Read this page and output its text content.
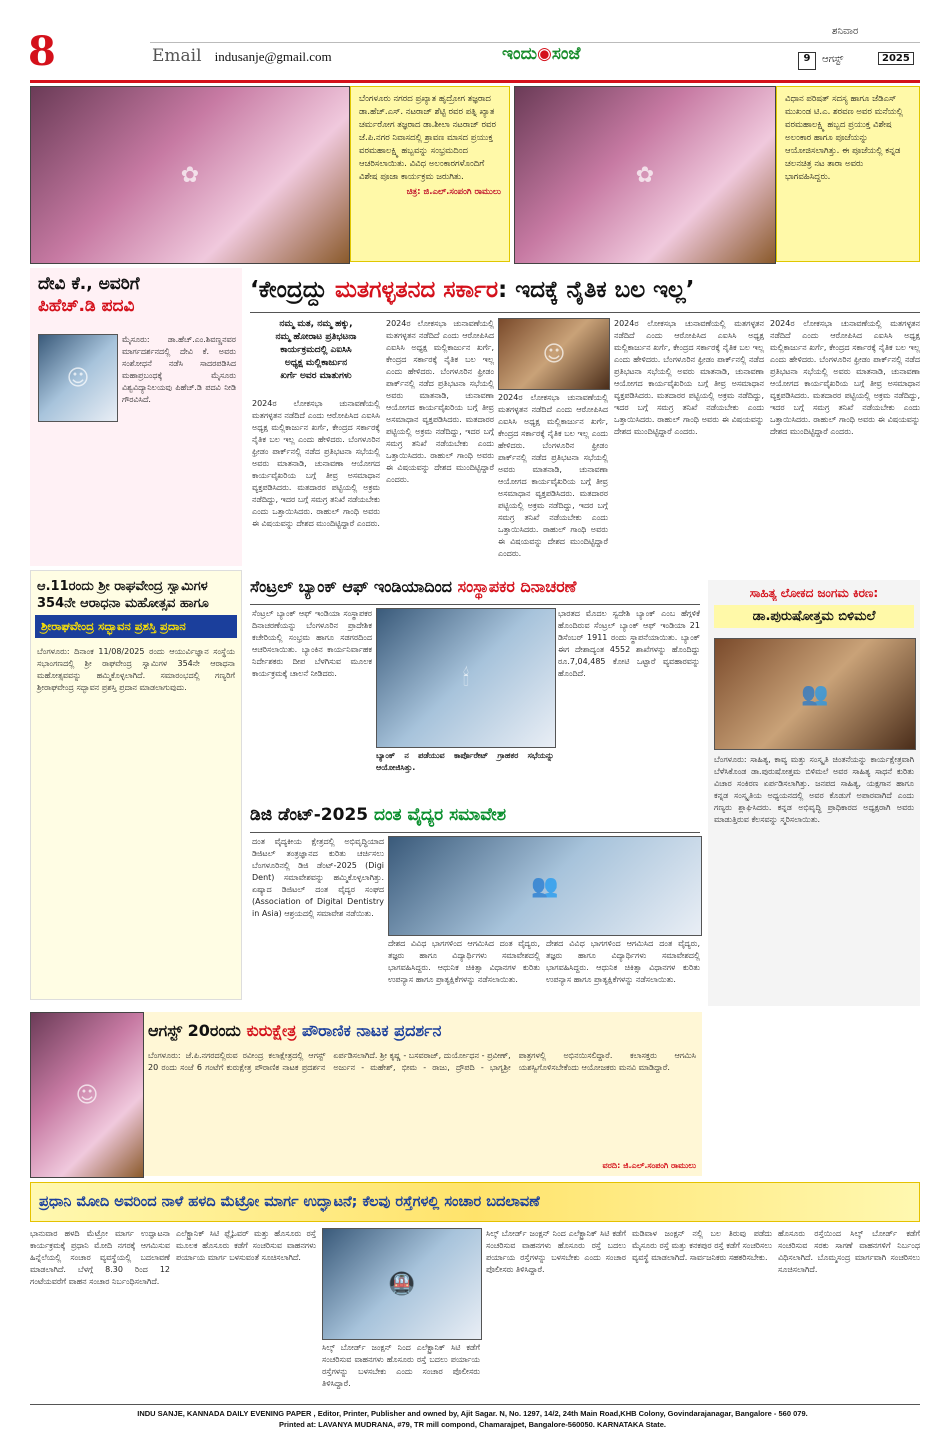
8	Email indusanje@gmail.com	ಇಂದು◉ಸಂಜೆ
ಶನಿವಾರ
9	ಆಗಸ್ಟ್	2025
✿
ಬೆಂಗಳೂರು ನಗರದ ಪ್ರಖ್ಯಾತ ಹೃದ್ರೋಗ ತಜ್ಞರಾದ ಡಾ.ಹೆಚ್.ಎಸ್. ನಟರಾಜ್ ಶೆಟ್ಟಿ ರವರ ಪತ್ನಿ ಖ್ಯಾತ ಚರ್ಮರೋಗ ತಜ್ಞರಾದ ಡಾ.ಶೀಲಾ ನಟರಾಜ್ ರವರ ಜೆ.ಪಿ.ನಗರ ನಿವಾಸದಲ್ಲಿ ಶ್ರಾವಣ ಮಾಸದ ಪ್ರಯುಕ್ತ ವರಮಹಾಲಕ್ಷ್ಮಿ ಹಬ್ಬವನ್ನು ಸಂಭ್ರಮದಿಂದ ಆಚರಿಸಲಾಯಿತು. ವಿವಿಧ ಅಲಂಕಾರಗಳೊಂದಿಗೆ ವಿಶೇಷ ಪೂಜಾ ಕಾರ್ಯಕ್ರಮ ಜರುಗಿತು.
ಚಿತ್ರ: ಜಿ.ಎಲ್.ಸಂಪಂಗಿ ರಾಮುಲು
✿
ವಿಧಾನ ಪರಿಷತ್ ಸದಸ್ಯ ಹಾಗೂ ಜೆಡಿಎಸ್ ಮುಖಂಡ ಟಿ.ಎ. ಶರವಣ ಅವರ ಮನೆಯಲ್ಲಿ ವರಮಹಾಲಕ್ಷ್ಮಿ ಹಬ್ಬದ ಪ್ರಯುಕ್ತ ವಿಶೇಷ ಅಲಂಕಾರ ಹಾಗೂ ಪೂಜೆಯನ್ನು ಆಯೋಜಿಸಲಾಗಿತ್ತು. ಈ ಪೂಜೆಯಲ್ಲಿ ಕನ್ನಡ ಚಲನಚಿತ್ರ ನಟ ತಾರಾ ಅವರು ಭಾಗವಹಿಸಿದ್ದರು.
ದೇವಿ ಕೆ., ಅವರಿಗೆ
ಪಿಹೆಚ್.ಡಿ ಪದವಿ
☺
ಮೈಸೂರು: ಡಾ.ಹೆಚ್.ಎಂ.ಶಿವಣ್ಣನವರ ಮಾರ್ಗದರ್ಶನದಲ್ಲಿ ದೇವಿ ಕೆ. ಅವರು ಸಂಶೋಧನೆ ನಡೆಸಿ ಸಾದರಪಡಿಸಿದ ಮಹಾಪ್ರಬಂಧಕ್ಕೆ ಮೈಸೂರು ವಿಶ್ವವಿದ್ಯಾನಿಲಯವು ಪಿಹೆಚ್.ಡಿ ಪದವಿ ನೀಡಿ ಗೌರವಿಸಿದೆ.
ಆ.11ರಂದು ಶ್ರೀ ರಾಘವೇಂದ್ರ ಸ್ವಾಮಿಗಳ
354ನೇ ಆರಾಧನಾ ಮಹೋತ್ಸವ ಹಾಗೂ
ಶ್ರೀರಾಘವೇಂದ್ರ ಸದ್ಭಾವನ ಪ್ರಶಸ್ತಿ ಪ್ರದಾನ
ಬೆಂಗಳೂರು: ದಿನಾಂಕ 11/08/2025 ರಂದು ಆಯುರ್ವಿಜ್ಞಾನ ಸಂಸ್ಥೆಯ ಸಭಾಂಗಣದಲ್ಲಿ ಶ್ರೀ ರಾಘವೇಂದ್ರ ಸ್ವಾಮಿಗಳ 354ನೇ ಆರಾಧನಾ ಮಹೋತ್ಸವವನ್ನು ಹಮ್ಮಿಕೊಳ್ಳಲಾಗಿದೆ. ಸಮಾರಂಭದಲ್ಲಿ ಗಣ್ಯರಿಗೆ ಶ್ರೀರಾಘವೇಂದ್ರ ಸದ್ಭಾವನ ಪ್ರಶಸ್ತಿ ಪ್ರದಾನ ಮಾಡಲಾಗುವುದು.
‘ಕೇಂದ್ರದ್ದು ಮತಗಳ್ಳತನದ ಸರ್ಕಾರ: ಇದಕ್ಕೆ ನೈತಿಕ ಬಲ ಇಲ್ಲ’
ನಮ್ಮ ಮತ, ನಮ್ಮ ಹಕ್ಕು,
ನಮ್ಮ ಹೋರಾಟ ಪ್ರತಿಭಟನಾ
ಕಾರ್ಯಕ್ರಮದಲ್ಲಿ ಎಐಸಿಸಿ
ಅಧ್ಯಕ್ಷ ಮಲ್ಲಿಕಾರ್ಜುನ
ಖರ್ಗೆ ಅವರ ಮಾತುಗಳು
2024ರ ಲೋಕಸಭಾ ಚುನಾವಣೆಯಲ್ಲಿ ಮತಗಳ್ಳತನ ನಡೆದಿದೆ ಎಂದು ಆರೋಪಿಸಿದ ಎಐಸಿಸಿ ಅಧ್ಯಕ್ಷ ಮಲ್ಲಿಕಾರ್ಜುನ ಖರ್ಗೆ, ಕೇಂದ್ರದ ಸರ್ಕಾರಕ್ಕೆ ನೈತಿಕ ಬಲ ಇಲ್ಲ ಎಂದು ಹೇಳಿದರು. ಬೆಂಗಳೂರಿನ ಫ್ರೀಡಂ ಪಾರ್ಕ್‌ನಲ್ಲಿ ನಡೆದ ಪ್ರತಿಭಟನಾ ಸಭೆಯಲ್ಲಿ ಅವರು ಮಾತನಾಡಿ, ಚುನಾವಣಾ ಆಯೋಗದ ಕಾರ್ಯವೈಖರಿಯ ಬಗ್ಗೆ ತೀವ್ರ ಅಸಮಾಧಾನ ವ್ಯಕ್ತಪಡಿಸಿದರು. ಮತದಾರರ ಪಟ್ಟಿಯಲ್ಲಿ ಅಕ್ರಮ ನಡೆದಿದ್ದು, ಇದರ ಬಗ್ಗೆ ಸಮಗ್ರ ತನಿಖೆ ನಡೆಯಬೇಕು ಎಂದು ಒತ್ತಾಯಿಸಿದರು. ರಾಹುಲ್ ಗಾಂಧಿ ಅವರು ಈ ವಿಷಯವನ್ನು ದೇಶದ ಮುಂದಿಟ್ಟಿದ್ದಾರೆ ಎಂದರು.
2024ರ ಲೋಕಸಭಾ ಚುನಾವಣೆಯಲ್ಲಿ ಮತಗಳ್ಳತನ ನಡೆದಿದೆ ಎಂದು ಆರೋಪಿಸಿದ ಎಐಸಿಸಿ ಅಧ್ಯಕ್ಷ ಮಲ್ಲಿಕಾರ್ಜುನ ಖರ್ಗೆ, ಕೇಂದ್ರದ ಸರ್ಕಾರಕ್ಕೆ ನೈತಿಕ ಬಲ ಇಲ್ಲ ಎಂದು ಹೇಳಿದರು. ಬೆಂಗಳೂರಿನ ಫ್ರೀಡಂ ಪಾರ್ಕ್‌ನಲ್ಲಿ ನಡೆದ ಪ್ರತಿಭಟನಾ ಸಭೆಯಲ್ಲಿ ಅವರು ಮಾತನಾಡಿ, ಚುನಾವಣಾ ಆಯೋಗದ ಕಾರ್ಯವೈಖರಿಯ ಬಗ್ಗೆ ತೀವ್ರ ಅಸಮಾಧಾನ ವ್ಯಕ್ತಪಡಿಸಿದರು. ಮತದಾರರ ಪಟ್ಟಿಯಲ್ಲಿ ಅಕ್ರಮ ನಡೆದಿದ್ದು, ಇದರ ಬಗ್ಗೆ ಸಮಗ್ರ ತನಿಖೆ ನಡೆಯಬೇಕು ಎಂದು ಒತ್ತಾಯಿಸಿದರು. ರಾಹುಲ್ ಗಾಂಧಿ ಅವರು ಈ ವಿಷಯವನ್ನು ದೇಶದ ಮುಂದಿಟ್ಟಿದ್ದಾರೆ ಎಂದರು.
☺
2024ರ ಲೋಕಸಭಾ ಚುನಾವಣೆಯಲ್ಲಿ ಮತಗಳ್ಳತನ ನಡೆದಿದೆ ಎಂದು ಆರೋಪಿಸಿದ ಎಐಸಿಸಿ ಅಧ್ಯಕ್ಷ ಮಲ್ಲಿಕಾರ್ಜುನ ಖರ್ಗೆ, ಕೇಂದ್ರದ ಸರ್ಕಾರಕ್ಕೆ ನೈತಿಕ ಬಲ ಇಲ್ಲ ಎಂದು ಹೇಳಿದರು. ಬೆಂಗಳೂರಿನ ಫ್ರೀಡಂ ಪಾರ್ಕ್‌ನಲ್ಲಿ ನಡೆದ ಪ್ರತಿಭಟನಾ ಸಭೆಯಲ್ಲಿ ಅವರು ಮಾತನಾಡಿ, ಚುನಾವಣಾ ಆಯೋಗದ ಕಾರ್ಯವೈಖರಿಯ ಬಗ್ಗೆ ತೀವ್ರ ಅಸಮಾಧಾನ ವ್ಯಕ್ತಪಡಿಸಿದರು. ಮತದಾರರ ಪಟ್ಟಿಯಲ್ಲಿ ಅಕ್ರಮ ನಡೆದಿದ್ದು, ಇದರ ಬಗ್ಗೆ ಸಮಗ್ರ ತನಿಖೆ ನಡೆಯಬೇಕು ಎಂದು ಒತ್ತಾಯಿಸಿದರು. ರಾಹುಲ್ ಗಾಂಧಿ ಅವರು ಈ ವಿಷಯವನ್ನು ದೇಶದ ಮುಂದಿಟ್ಟಿದ್ದಾರೆ ಎಂದರು.
2024ರ ಲೋಕಸಭಾ ಚುನಾವಣೆಯಲ್ಲಿ ಮತಗಳ್ಳತನ ನಡೆದಿದೆ ಎಂದು ಆರೋಪಿಸಿದ ಎಐಸಿಸಿ ಅಧ್ಯಕ್ಷ ಮಲ್ಲಿಕಾರ್ಜುನ ಖರ್ಗೆ, ಕೇಂದ್ರದ ಸರ್ಕಾರಕ್ಕೆ ನೈತಿಕ ಬಲ ಇಲ್ಲ ಎಂದು ಹೇಳಿದರು. ಬೆಂಗಳೂರಿನ ಫ್ರೀಡಂ ಪಾರ್ಕ್‌ನಲ್ಲಿ ನಡೆದ ಪ್ರತಿಭಟನಾ ಸಭೆಯಲ್ಲಿ ಅವರು ಮಾತನಾಡಿ, ಚುನಾವಣಾ ಆಯೋಗದ ಕಾರ್ಯವೈಖರಿಯ ಬಗ್ಗೆ ತೀವ್ರ ಅಸಮಾಧಾನ ವ್ಯಕ್ತಪಡಿಸಿದರು. ಮತದಾರರ ಪಟ್ಟಿಯಲ್ಲಿ ಅಕ್ರಮ ನಡೆದಿದ್ದು, ಇದರ ಬಗ್ಗೆ ಸಮಗ್ರ ತನಿಖೆ ನಡೆಯಬೇಕು ಎಂದು ಒತ್ತಾಯಿಸಿದರು. ರಾಹುಲ್ ಗಾಂಧಿ ಅವರು ಈ ವಿಷಯವನ್ನು ದೇಶದ ಮುಂದಿಟ್ಟಿದ್ದಾರೆ ಎಂದರು.
2024ರ ಲೋಕಸಭಾ ಚುನಾವಣೆಯಲ್ಲಿ ಮತಗಳ್ಳತನ ನಡೆದಿದೆ ಎಂದು ಆರೋಪಿಸಿದ ಎಐಸಿಸಿ ಅಧ್ಯಕ್ಷ ಮಲ್ಲಿಕಾರ್ಜುನ ಖರ್ಗೆ, ಕೇಂದ್ರದ ಸರ್ಕಾರಕ್ಕೆ ನೈತಿಕ ಬಲ ಇಲ್ಲ ಎಂದು ಹೇಳಿದರು. ಬೆಂಗಳೂರಿನ ಫ್ರೀಡಂ ಪಾರ್ಕ್‌ನಲ್ಲಿ ನಡೆದ ಪ್ರತಿಭಟನಾ ಸಭೆಯಲ್ಲಿ ಅವರು ಮಾತನಾಡಿ, ಚುನಾವಣಾ ಆಯೋಗದ ಕಾರ್ಯವೈಖರಿಯ ಬಗ್ಗೆ ತೀವ್ರ ಅಸಮಾಧಾನ ವ್ಯಕ್ತಪಡಿಸಿದರು. ಮತದಾರರ ಪಟ್ಟಿಯಲ್ಲಿ ಅಕ್ರಮ ನಡೆದಿದ್ದು, ಇದರ ಬಗ್ಗೆ ಸಮಗ್ರ ತನಿಖೆ ನಡೆಯಬೇಕು ಎಂದು ಒತ್ತಾಯಿಸಿದರು. ರಾಹುಲ್ ಗಾಂಧಿ ಅವರು ಈ ವಿಷಯವನ್ನು ದೇಶದ ಮುಂದಿಟ್ಟಿದ್ದಾರೆ ಎಂದರು.
ಸೆಂಟ್ರಲ್ ಬ್ಯಾಂಕ್ ಆಫ್ ಇಂಡಿಯಾದಿಂದ ಸಂಸ್ಥಾಪಕರ ದಿನಾಚರಣೆ
ಸೆಂಟ್ರಲ್ ಬ್ಯಾಂಕ್ ಆಫ್ ಇಂಡಿಯಾ ಸಂಸ್ಥಾಪಕರ ದಿನಾಚರಣೆಯನ್ನು ಬೆಂಗಳೂರಿನ ಪ್ರಾದೇಶಿಕ ಕಚೇರಿಯಲ್ಲಿ ಸಂಭ್ರಮ ಹಾಗೂ ಸಡಗರದಿಂದ ಆಚರಿಸಲಾಯಿತು. ಬ್ಯಾಂಕಿನ ಕಾರ್ಯನಿರ್ವಾಹಕ ನಿರ್ದೇಶಕರು ದೀಪ ಬೆಳಗಿಸುವ ಮೂಲಕ ಕಾರ್ಯಕ್ರಮಕ್ಕೆ ಚಾಲನೆ ನೀಡಿದರು.	🕯
ಬ್ಯಾಂಕ್ ನ ಪಡೆಯುವ ಕಾರ್ಪೊರೇಟ್ ಗ್ರಾಹಕರ ಸಭೆಯನ್ನು ಆಯೋಜಿಸಿತ್ತು.
ಭಾರತದ ಮೊದಲ ಸ್ವದೇಶಿ ಬ್ಯಾಂಕ್ ಎಂಬ ಹೆಗ್ಗಳಿಕೆ ಹೊಂದಿರುವ ಸೆಂಟ್ರಲ್ ಬ್ಯಾಂಕ್ ಆಫ್ ಇಂಡಿಯಾ 21 ಡಿಸೆಂಬರ್ 1911 ರಂದು ಸ್ಥಾಪನೆಯಾಯಿತು. ಬ್ಯಾಂಕ್ ಈಗ ದೇಶಾದ್ಯಂತ 4552 ಶಾಖೆಗಳನ್ನು ಹೊಂದಿದ್ದು ರೂ.7,04,485 ಕೋಟಿ ಒಟ್ಟಾರೆ ವ್ಯವಹಾರವನ್ನು ಹೊಂದಿದೆ.
ಸಾಹಿತ್ಯ ಲೋಕದ ಜಂಗಮ ಕಿರಣ:
ಡಾ.ಪುರುಷೋತ್ತಮ ಬಿಳಿಮಲೆ
👥
ಬೆಂಗಳೂರು: ಸಾಹಿತ್ಯ, ಕಾವ್ಯ ಮತ್ತು ಸಂಸ್ಕೃತಿ ಚಿಂತನೆಯನ್ನು ಕಾರ್ಯಕ್ಷೇತ್ರವಾಗಿ ಬೆಳೆಸಿಕೊಂಡ ಡಾ.ಪುರುಷೋತ್ತಮ ಬಿಳಿಮಲೆ ಅವರ ಸಾಹಿತ್ಯ ಸಾಧನೆ ಕುರಿತು ವಿಚಾರ ಸಂಕಿರಣ ಏರ್ಪಡಿಸಲಾಗಿತ್ತು. ಜನಪದ ಸಾಹಿತ್ಯ, ಯಕ್ಷಗಾನ ಹಾಗೂ ಕನ್ನಡ ಸಂಸ್ಕೃತಿಯ ಅಧ್ಯಯನದಲ್ಲಿ ಅವರ ಕೊಡುಗೆ ಅಪಾರವಾಗಿದೆ ಎಂದು ಗಣ್ಯರು ಶ್ಲಾಘಿಸಿದರು. ಕನ್ನಡ ಅಭಿವೃದ್ಧಿ ಪ್ರಾಧಿಕಾರದ ಅಧ್ಯಕ್ಷರಾಗಿ ಅವರು ಮಾಡುತ್ತಿರುವ ಕೆಲಸವನ್ನು ಸ್ಮರಿಸಲಾಯಿತು.
ಡಿಜಿ ಡೆಂಟ್-2025 ದಂತ ವೈದ್ಯರ ಸಮಾವೇಶ
ದಂತ ವೈದ್ಯಕೀಯ ಕ್ಷೇತ್ರದಲ್ಲಿ ಅಭಿವೃದ್ಧಿಯಾದ ಡಿಜಿಟಲ್ ತಂತ್ರಜ್ಞಾನದ ಕುರಿತು ಚರ್ಚಿಸಲು ಬೆಂಗಳೂರಿನಲ್ಲಿ ಡಿಜಿ ಡೆಂಟ್-2025 (Digi Dent) ಸಮಾವೇಶವನ್ನು ಹಮ್ಮಿಕೊಳ್ಳಲಾಗಿತ್ತು. ಏಷ್ಯಾದ ಡಿಜಿಟಲ್ ದಂತ ವೈದ್ಯರ ಸಂಘದ (Association of Digital Dentistry in Asia) ಆಶ್ರಯದಲ್ಲಿ ಸಮಾವೇಶ ನಡೆಯಿತು.
👥
ದೇಶದ ವಿವಿಧ ಭಾಗಗಳಿಂದ ಆಗಮಿಸಿದ ದಂತ ವೈದ್ಯರು, ತಜ್ಞರು ಹಾಗೂ ವಿದ್ಯಾರ್ಥಿಗಳು ಸಮಾವೇಶದಲ್ಲಿ ಭಾಗವಹಿಸಿದ್ದರು. ಆಧುನಿಕ ಚಿಕಿತ್ಸಾ ವಿಧಾನಗಳ ಕುರಿತು ಉಪನ್ಯಾಸ ಹಾಗೂ ಪ್ರಾತ್ಯಕ್ಷಿಕೆಗಳನ್ನು ನಡೆಸಲಾಯಿತು.
ದೇಶದ ವಿವಿಧ ಭಾಗಗಳಿಂದ ಆಗಮಿಸಿದ ದಂತ ವೈದ್ಯರು, ತಜ್ಞರು ಹಾಗೂ ವಿದ್ಯಾರ್ಥಿಗಳು ಸಮಾವೇಶದಲ್ಲಿ ಭಾಗವಹಿಸಿದ್ದರು. ಆಧುನಿಕ ಚಿಕಿತ್ಸಾ ವಿಧಾನಗಳ ಕುರಿತು ಉಪನ್ಯಾಸ ಹಾಗೂ ಪ್ರಾತ್ಯಕ್ಷಿಕೆಗಳನ್ನು ನಡೆಸಲಾಯಿತು.
☺
ಆಗಸ್ಟ್ 20ರಂದು ಕುರುಕ್ಷೇತ್ರ ಪೌರಾಣಿಕ ನಾಟಕ ಪ್ರದರ್ಶನ
ಬೆಂಗಳೂರು: ಜೆ.ಪಿ.ನಗರದಲ್ಲಿರುವ ರವೀಂದ್ರ ಕಲಾಕ್ಷೇತ್ರದಲ್ಲಿ ಆಗಸ್ಟ್ 20 ರಂದು ಸಂಜೆ 6 ಗಂಟೆಗೆ ಕುರುಕ್ಷೇತ್ರ ಪೌರಾಣಿಕ ನಾಟಕ ಪ್ರದರ್ಶನ ಏರ್ಪಡಿಸಲಾಗಿದೆ. ಶ್ರೀ ಕೃಷ್ಣ - ಬಸವರಾಜ್, ದುರ್ಯೋಧನ - ಪ್ರವೀಣ್, ಅರ್ಜುನ - ಮಹೇಶ್, ಭೀಮ - ರಾಜು, ದ್ರೌಪದಿ - ಭಾಗ್ಯಶ್ರೀ ಪಾತ್ರಗಳಲ್ಲಿ ಅಭಿನಯಿಸಲಿದ್ದಾರೆ. ಕಲಾಸಕ್ತರು ಆಗಮಿಸಿ ಯಶಸ್ವಿಗೊಳಿಸಬೇಕೆಂದು ಆಯೋಜಕರು ಮನವಿ ಮಾಡಿದ್ದಾರೆ.
ವರದಿ: ಜಿ.ಎಲ್.ಸಂಪಂಗಿ ರಾಮುಲು
ಪ್ರಧಾನಿ ಮೋದಿ ಅವರಿಂದ ನಾಳೆ ಹಳದಿ ಮೆಟ್ರೋ ಮಾರ್ಗ ಉದ್ಘಾಟನೆ; ಕೆಲವು ರಸ್ತೆಗಳಲ್ಲಿ ಸಂಚಾರ ಬದಲಾವಣೆ
ಭಾನುವಾರ ಹಳದಿ ಮೆಟ್ರೋ ಮಾರ್ಗ ಉದ್ಘಾಟನಾ ಕಾರ್ಯಕ್ರಮಕ್ಕೆ ಪ್ರಧಾನಿ ಮೋದಿ ನಗರಕ್ಕೆ ಆಗಮಿಸುವ ಹಿನ್ನೆಲೆಯಲ್ಲಿ ಸಂಚಾರ ವ್ಯವಸ್ಥೆಯಲ್ಲಿ ಬದಲಾವಣೆ ಮಾಡಲಾಗಿದೆ. ಬೆಳಗ್ಗೆ 8.30 ರಿಂದ 12 ಗಂಟೆಯವರೆಗೆ ವಾಹನ ಸಂಚಾರ ನಿರ್ಬಂಧಿಸಲಾಗಿದೆ.
ಎಲೆಕ್ಟ್ರಾನಿಕ್ ಸಿಟಿ ಫ್ಲೈಓವರ್ ಮತ್ತು ಹೊಸೂರು ರಸ್ತೆ ಮೂಲಕ ಹೊಸೂರು ಕಡೆಗೆ ಸಂಚರಿಸುವ ವಾಹನಗಳು ಪರ್ಯಾಯ ಮಾರ್ಗ ಬಳಸುವಂತೆ ಸೂಚಿಸಲಾಗಿದೆ.
🚇
ಸಿಲ್ಕ್ ಬೋರ್ಡ್ ಜಂಕ್ಷನ್ ನಿಂದ ಎಲೆಕ್ಟ್ರಾನಿಕ್ ಸಿಟಿ ಕಡೆಗೆ ಸಂಚರಿಸುವ ವಾಹನಗಳು ಹೊಸೂರು ರಸ್ತೆ ಬದಲು ಪರ್ಯಾಯ ರಸ್ತೆಗಳನ್ನು ಬಳಸಬೇಕು ಎಂದು ಸಂಚಾರ ಪೊಲೀಸರು ತಿಳಿಸಿದ್ದಾರೆ.
ಸಿಲ್ಕ್ ಬೋರ್ಡ್ ಜಂಕ್ಷನ್ ನಿಂದ ಎಲೆಕ್ಟ್ರಾನಿಕ್ ಸಿಟಿ ಕಡೆಗೆ ಸಂಚರಿಸುವ ವಾಹನಗಳು ಹೊಸೂರು ರಸ್ತೆ ಬದಲು ಪರ್ಯಾಯ ರಸ್ತೆಗಳನ್ನು ಬಳಸಬೇಕು ಎಂದು ಸಂಚಾರ ಪೊಲೀಸರು ತಿಳಿಸಿದ್ದಾರೆ.
ಮಡಿವಾಳ ಜಂಕ್ಷನ್ ನಲ್ಲಿ ಬಲ ತಿರುವು ಪಡೆದು ಮೈಸೂರು ರಸ್ತೆ ಮತ್ತು ಕನಕಪುರ ರಸ್ತೆ ಕಡೆಗೆ ಸಂಚರಿಸಲು ವ್ಯವಸ್ಥೆ ಮಾಡಲಾಗಿದೆ. ಸಾರ್ವಜನಿಕರು ಸಹಕರಿಸಬೇಕು.
ಹೊಸೂರು ರಸ್ತೆಯಿಂದ ಸಿಲ್ಕ್ ಬೋರ್ಡ್ ಕಡೆಗೆ ಸಂಚರಿಸುವ ಸರಕು ಸಾಗಣೆ ವಾಹನಗಳಿಗೆ ನಿರ್ಬಂಧ ವಿಧಿಸಲಾಗಿದೆ. ಬೊಮ್ಮಸಂದ್ರ ಮಾರ್ಗವಾಗಿ ಸಂಚರಿಸಲು ಸೂಚಿಸಲಾಗಿದೆ.
INDU SANJE, KANNADA DAILY EVENING PAPER , Editor, Printer, Publisher and owned by, Ajit Sagar. N, No. 1297, 14/2, 24th Main Road,KHB Colony, Govindarajanagar, Bangalore - 560 079.
Printed at: LAVANYA MUDRANA, #79, TR mill compond, Chamarajpet, Bangalore-560050. KARNATAKA State.
